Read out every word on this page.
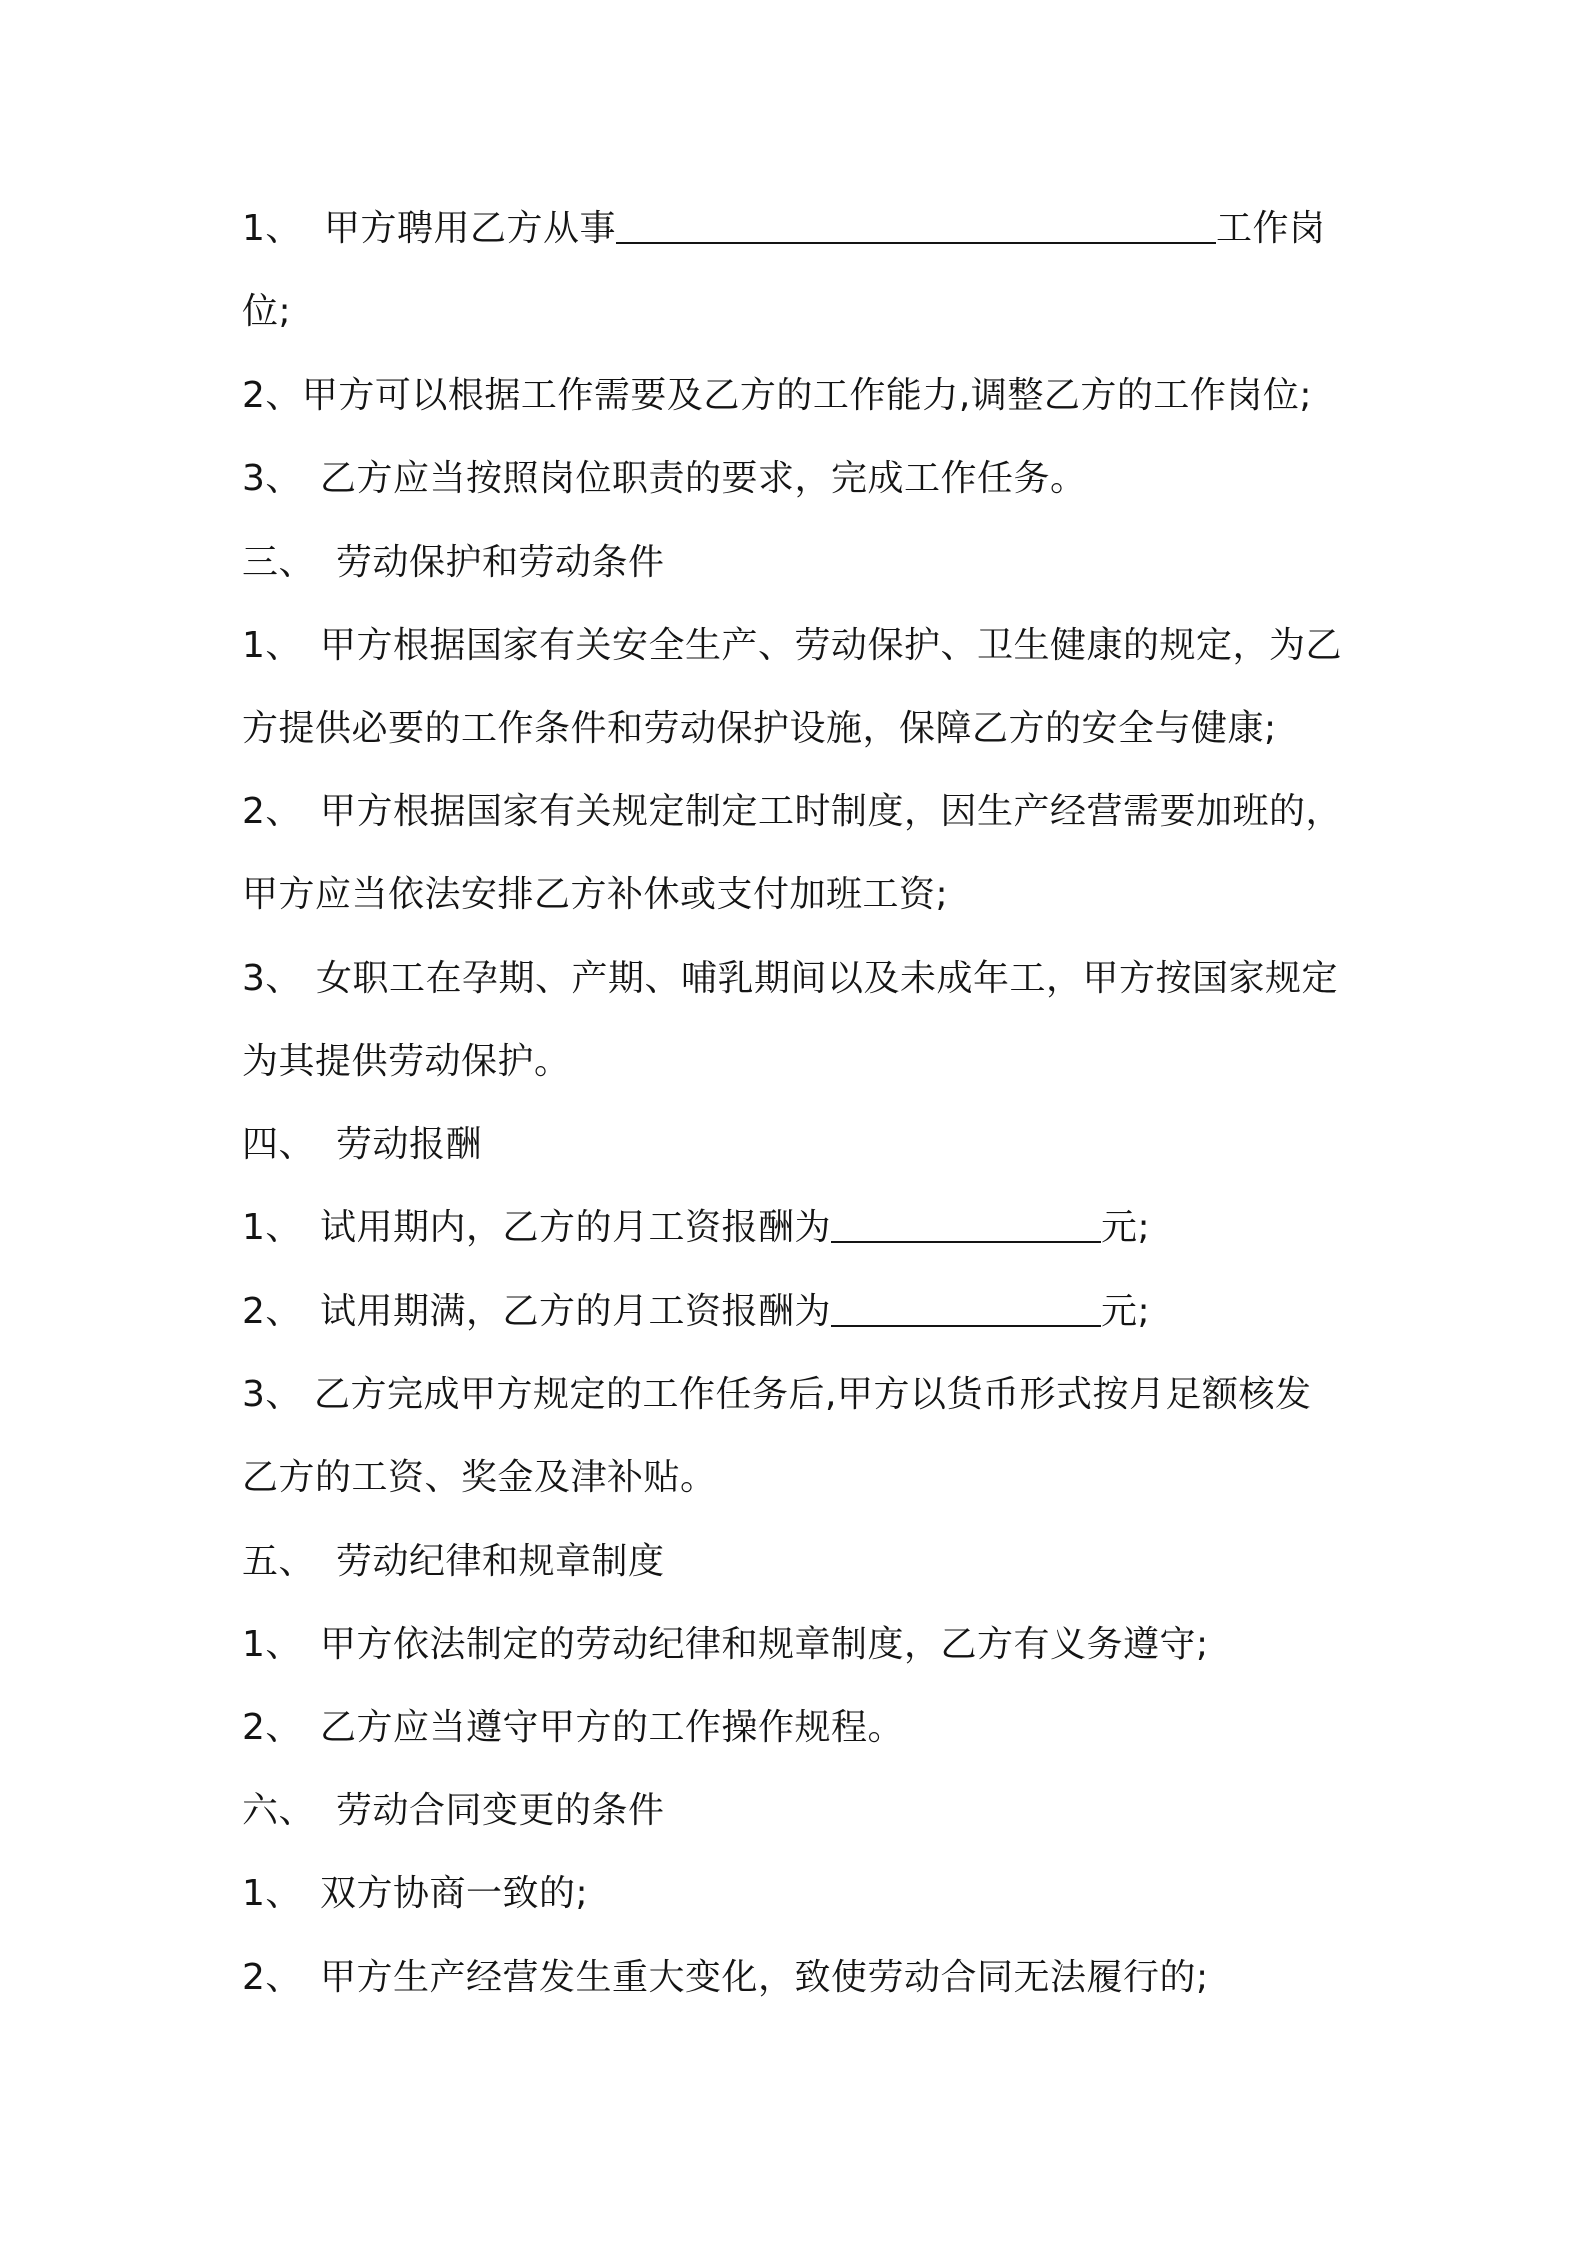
1、 甲方聘用乙方从事	工作岗
位;
2、甲方可以根据工作需要及乙方的工作能力,调整乙方的工作岗位;
3、 乙方应当按照岗位职责的要求，完成工作任务。
三、 劳动保护和劳动条件
1、 甲方根据国家有关安全生产、劳动保护、卫生健康的规定，为乙
方提供必要的工作条件和劳动保护设施，保障乙方的安全与健康;
2、 甲方根据国家有关规定制定工时制度，因生产经营需要加班的，
甲方应当依法安排乙方补休或支付加班工资;
3、 女职工在孕期、产期、哺乳期间以及未成年工，甲方按国家规定
为其提供劳动保护。
四、 劳动报酬
1、 试用期内，乙方的月工资报酬为	元;
2、 试用期满，乙方的月工资报酬为	元;
3、 乙方完成甲方规定的工作任务后,甲方以货币形式按月足额核发
乙方的工资、奖金及津补贴。
五、 劳动纪律和规章制度
1、 甲方依法制定的劳动纪律和规章制度，乙方有义务遵守;
2、 乙方应当遵守甲方的工作操作规程。
六、 劳动合同变更的条件
1、 双方协商一致的;
2、 甲方生产经营发生重大变化，致使劳动合同无法履行的;
